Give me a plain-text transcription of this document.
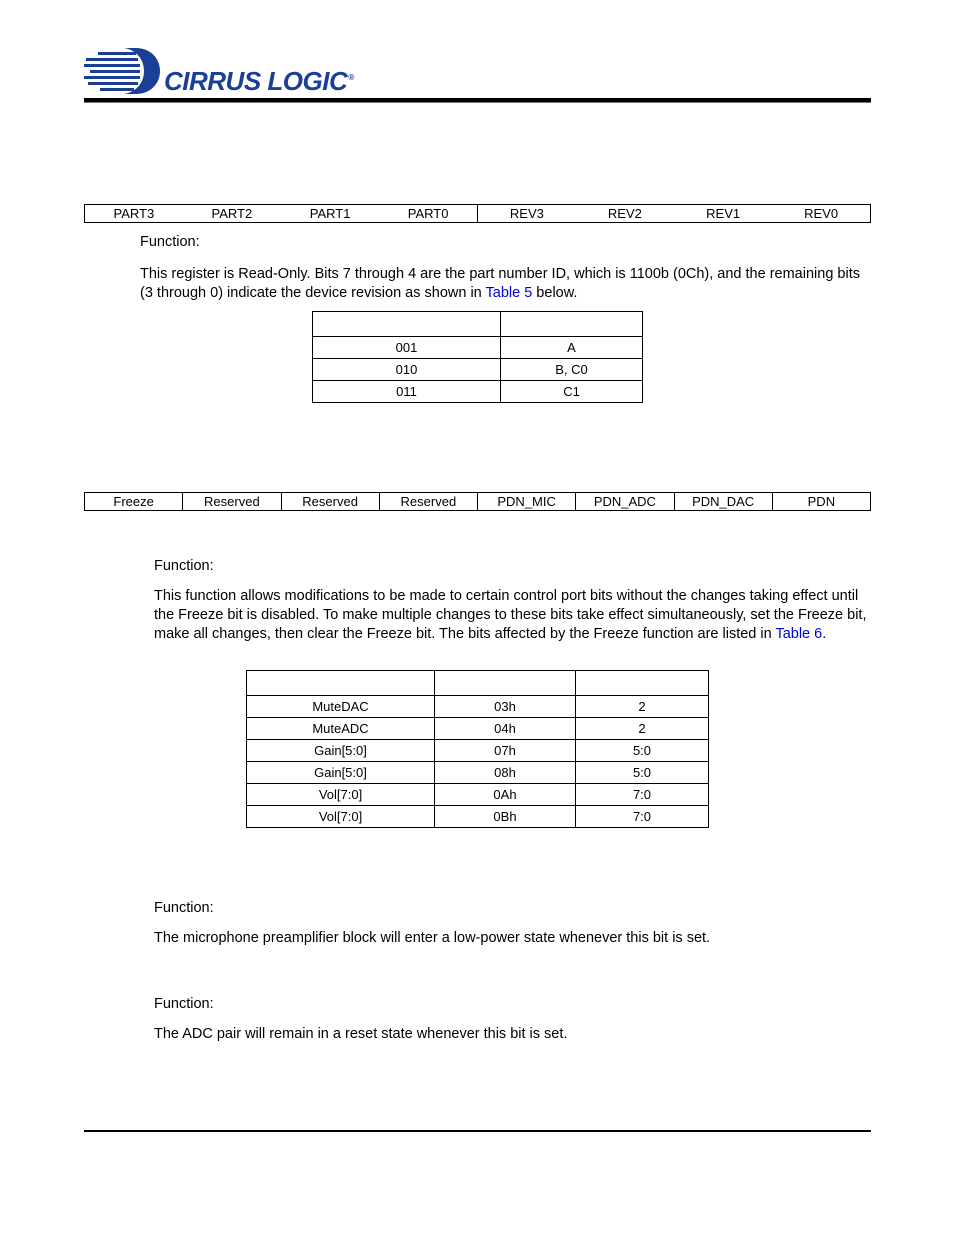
CIRRUS LOGIC®
PART3	PART2	PART1	PART0	REV3	REV2	REV1	REV0
Function:
This register is Read-Only. Bits 7 through 4 are the part number ID, which is 1100b (0Ch), and the remaining bits (3 through 0) indicate the device revision as shown in Table 5 below.

001	A
010	B, C0
011	C1
Freeze	Reserved	Reserved	Reserved	PDN_MIC	PDN_ADC	PDN_DAC	PDN
Function:
This function allows modifications to be made to certain control port bits without the changes taking effect until the Freeze bit is disabled. To make multiple changes to these bits take effect simultaneously, set the Freeze bit, make all changes, then clear the Freeze bit. The bits affected by the Freeze function are listed in Table 6.

MuteDAC	03h	2
MuteADC	04h	2
Gain[5:0]	07h	5:0
Gain[5:0]	08h	5:0
Vol[7:0]	0Ah	7:0
Vol[7:0]	0Bh	7:0
Function:
The microphone preamplifier block will enter a low-power state whenever this bit is set.
Function:
The ADC pair will remain in a reset state whenever this bit is set.
